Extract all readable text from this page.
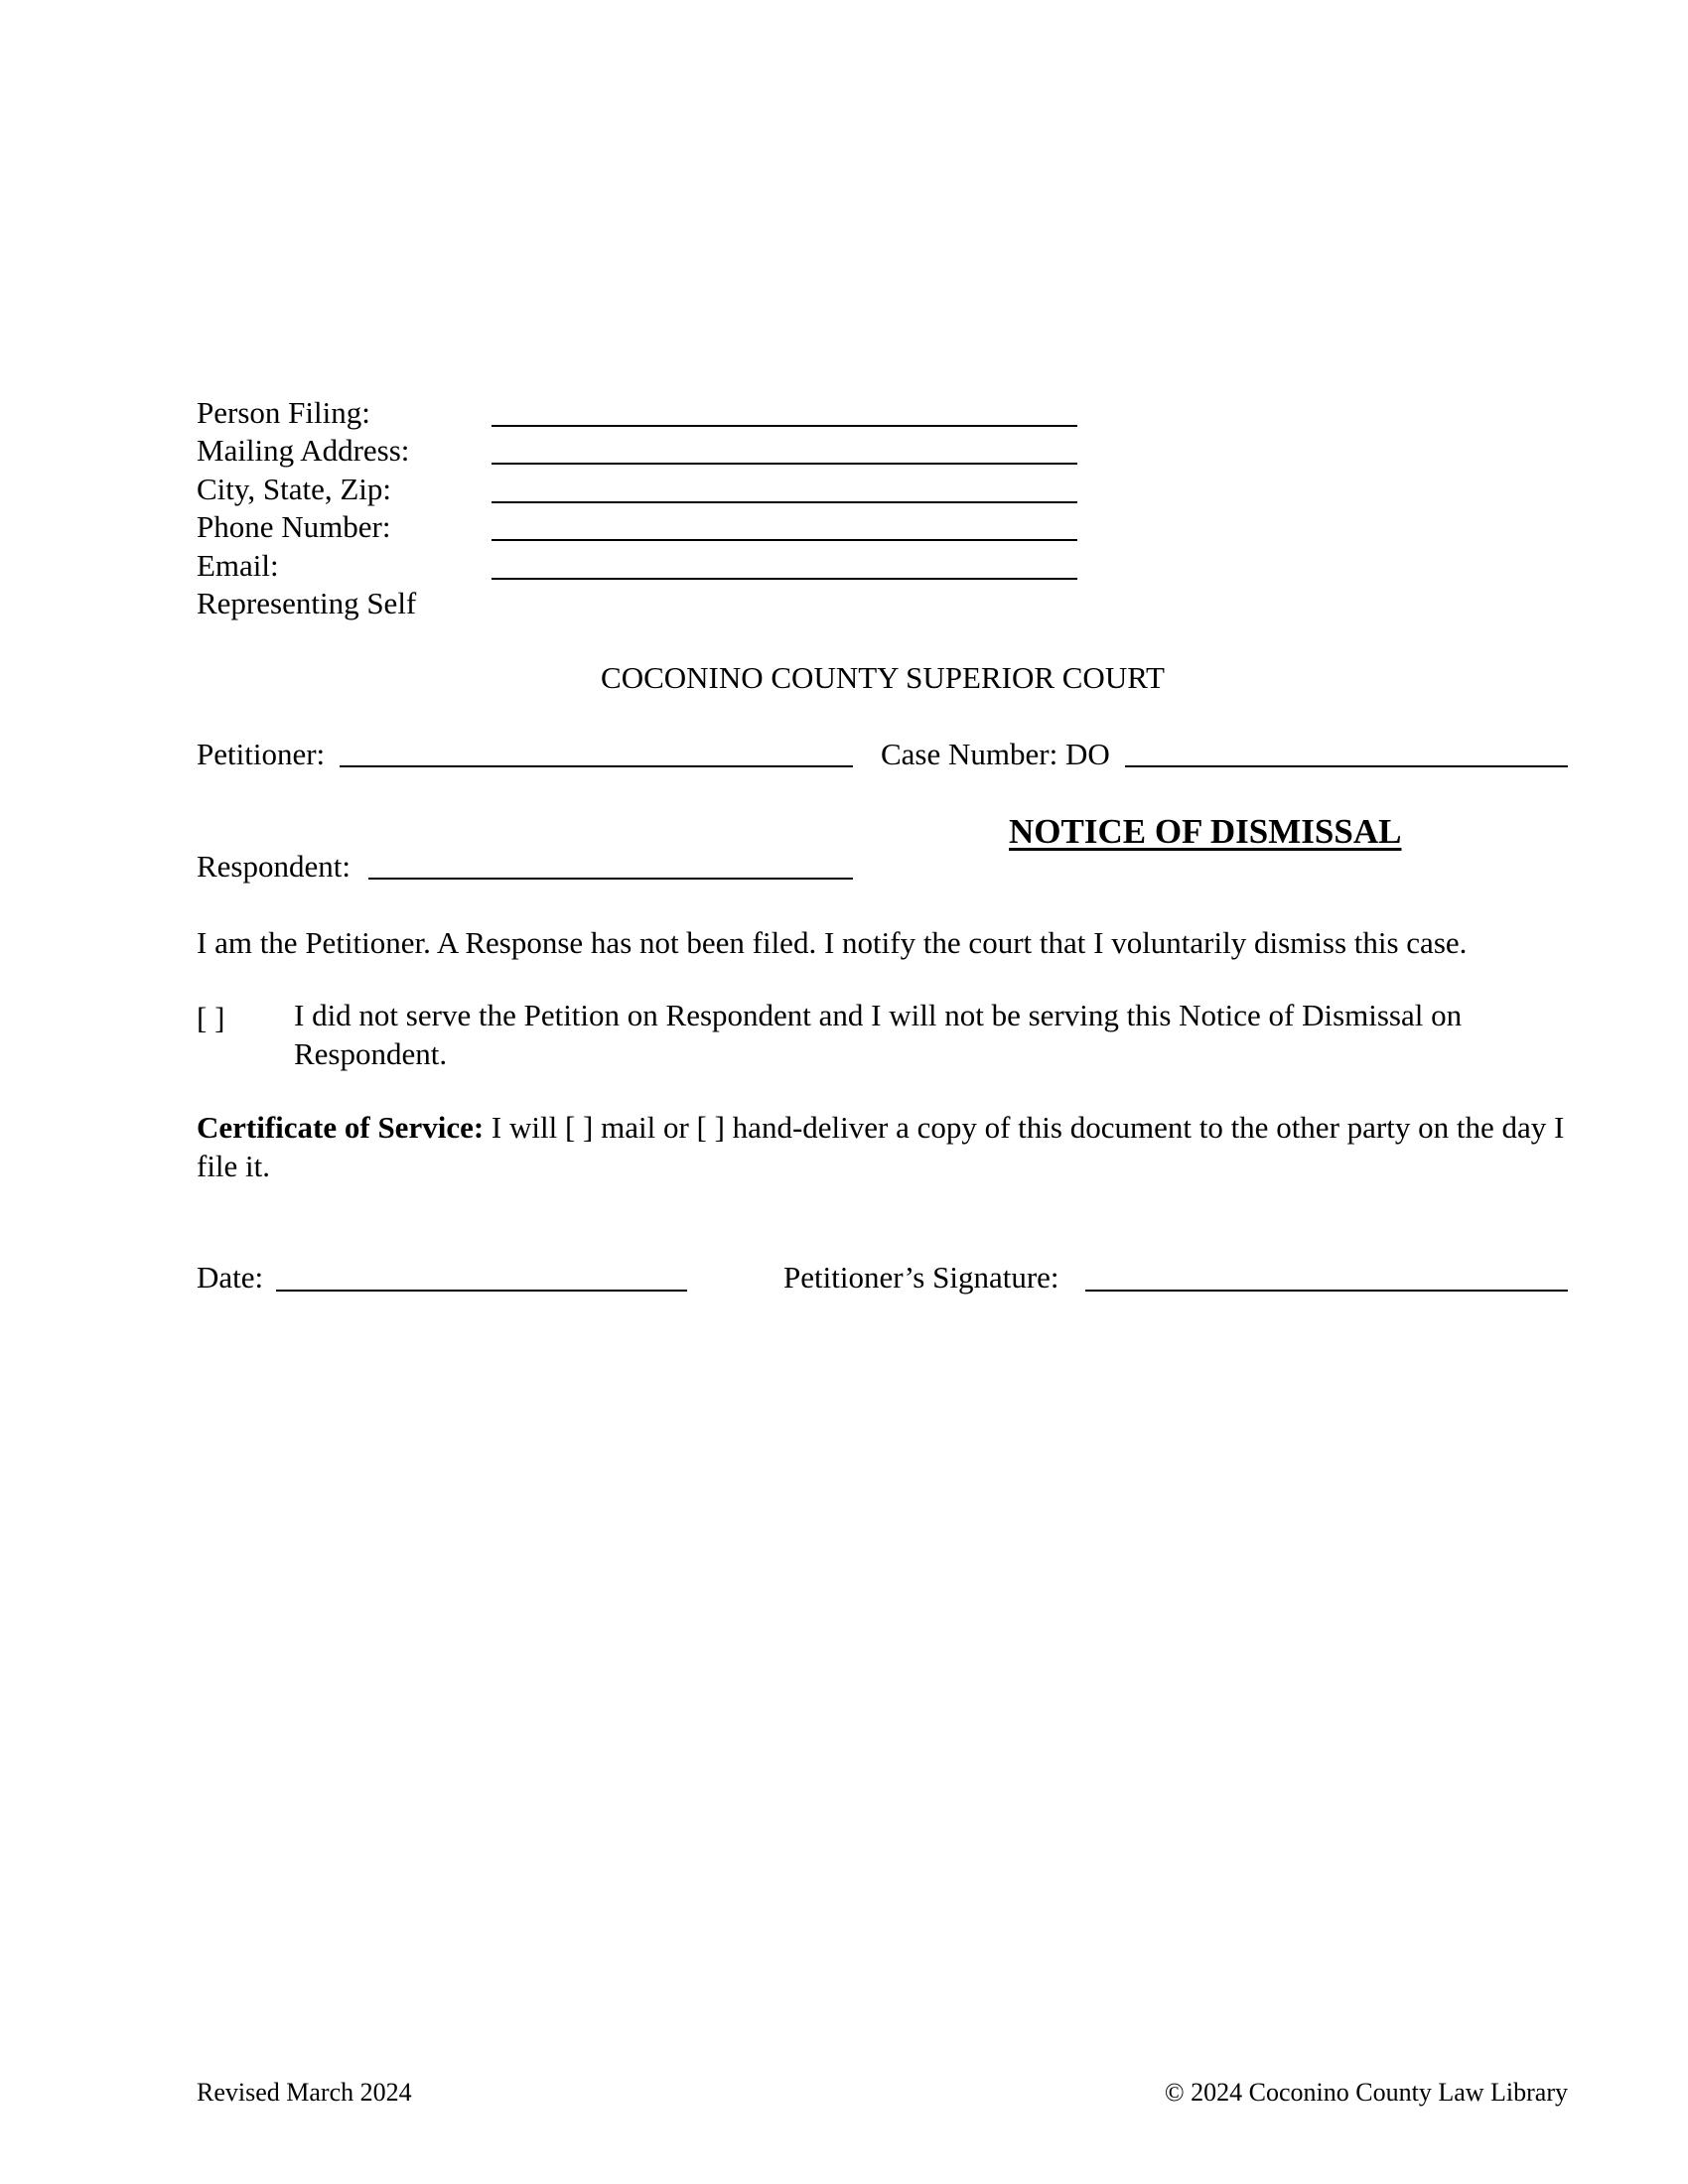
Person Filing:
Mailing Address:
City, State, Zip:
Phone Number:
Email:
Representing Self
COCONINO COUNTY SUPERIOR COURT
Petitioner:	Case Number: DO
NOTICE OF DISMISSAL
Respondent:
I am the Petitioner. A Response has not been filed. I notify the court that I voluntarily dismiss this case.
[ ] I did not serve the Petition on Respondent and I will not be serving this Notice of Dismissal on Respondent.
Certificate of Service: I will [ ] mail or [ ] hand-deliver a copy of this document to the other party on the day I file it.
Date:	Petitioner’s Signature:
Revised March 2024	© 2024 Coconino County Law Library
